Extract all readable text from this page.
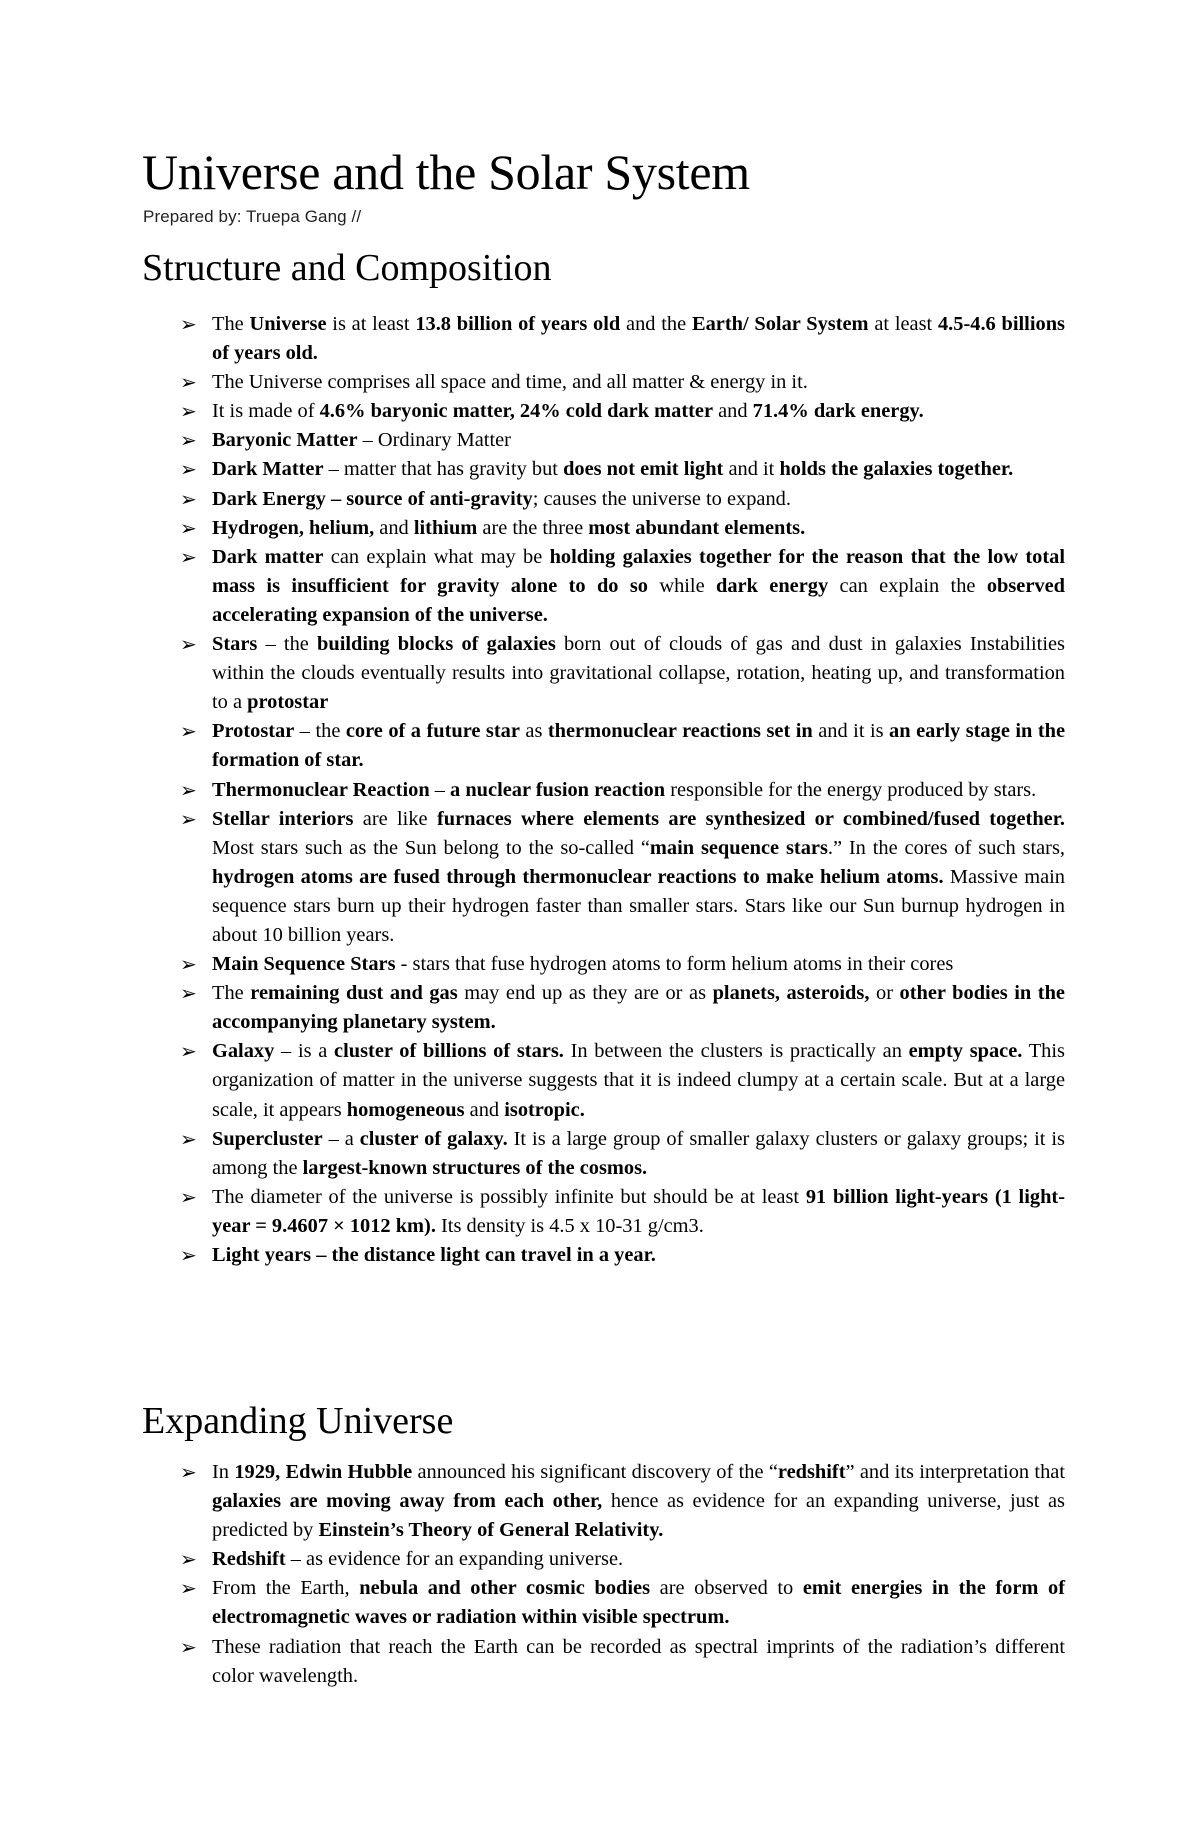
Universe and the Solar System

Prepared by: Truepa Gang //

Structure and Composition
➢ The Universe is at least 13.8 billion of years old and the Earth/ Solar System at least 4.5-4.6 billions of years old.
➢ The Universe comprises all space and time, and all matter & energy in it.
➢ It is made of 4.6% baryonic matter, 24% cold dark matter and 71.4% dark energy.
➢ Baryonic Matter – Ordinary Matter
➢ Dark Matter – matter that has gravity but does not emit light and it holds the galaxies together.
➢ Dark Energy – source of anti-gravity; causes the universe to expand.
➢ Hydrogen, helium, and lithium are the three most abundant elements.
➢ Dark matter can explain what may be holding galaxies together for the reason that the low total mass is insufficient for gravity alone to do so while dark energy can explain the observed accelerating expansion of the universe.
➢ Stars – the building blocks of galaxies born out of clouds of gas and dust in galaxies Instabilities within the clouds eventually results into gravitational collapse, rotation, heating up, and transformation to a protostar
➢ Protostar – the core of a future star as thermonuclear reactions set in and it is an early stage in the formation of star.
➢ Thermonuclear Reaction – a nuclear fusion reaction responsible for the energy produced by stars.
➢ Stellar interiors are like furnaces where elements are synthesized or combined/fused together. Most stars such as the Sun belong to the so-called “main sequence stars.” In the cores of such stars, hydrogen atoms are fused through thermonuclear reactions to make helium atoms. Massive main sequence stars burn up their hydrogen faster than smaller stars. Stars like our Sun burnup hydrogen in about 10 billion years.
➢ Main Sequence Stars - stars that fuse hydrogen atoms to form helium atoms in their cores
➢ The remaining dust and gas may end up as they are or as planets, asteroids, or other bodies in the accompanying planetary system.
➢ Galaxy – is a cluster of billions of stars. In between the clusters is practically an empty space. This organization of matter in the universe suggests that it is indeed clumpy at a certain scale. But at a large scale, it appears homogeneous and isotropic.
➢ Supercluster – a cluster of galaxy. It is a large group of smaller galaxy clusters or galaxy groups; it is among the largest-known structures of the cosmos.
➢ The diameter of the universe is possibly infinite but should be at least 91 billion light-years (1 light-year = 9.4607 × 1012 km). Its density is 4.5 x 10-31 g/cm3.
➢ Light years – the distance light can travel in a year.
Expanding Universe
➢ In 1929, Edwin Hubble announced his significant discovery of the “redshift” and its interpretation that galaxies are moving away from each other, hence as evidence for an expanding universe, just as predicted by Einstein’s Theory of General Relativity.
➢ Redshift – as evidence for an expanding universe.
➢ From the Earth, nebula and other cosmic bodies are observed to emit energies in the form of electromagnetic waves or radiation within visible spectrum.
➢ These radiation that reach the Earth can be recorded as spectral imprints of the radiation’s different color wavelength.
